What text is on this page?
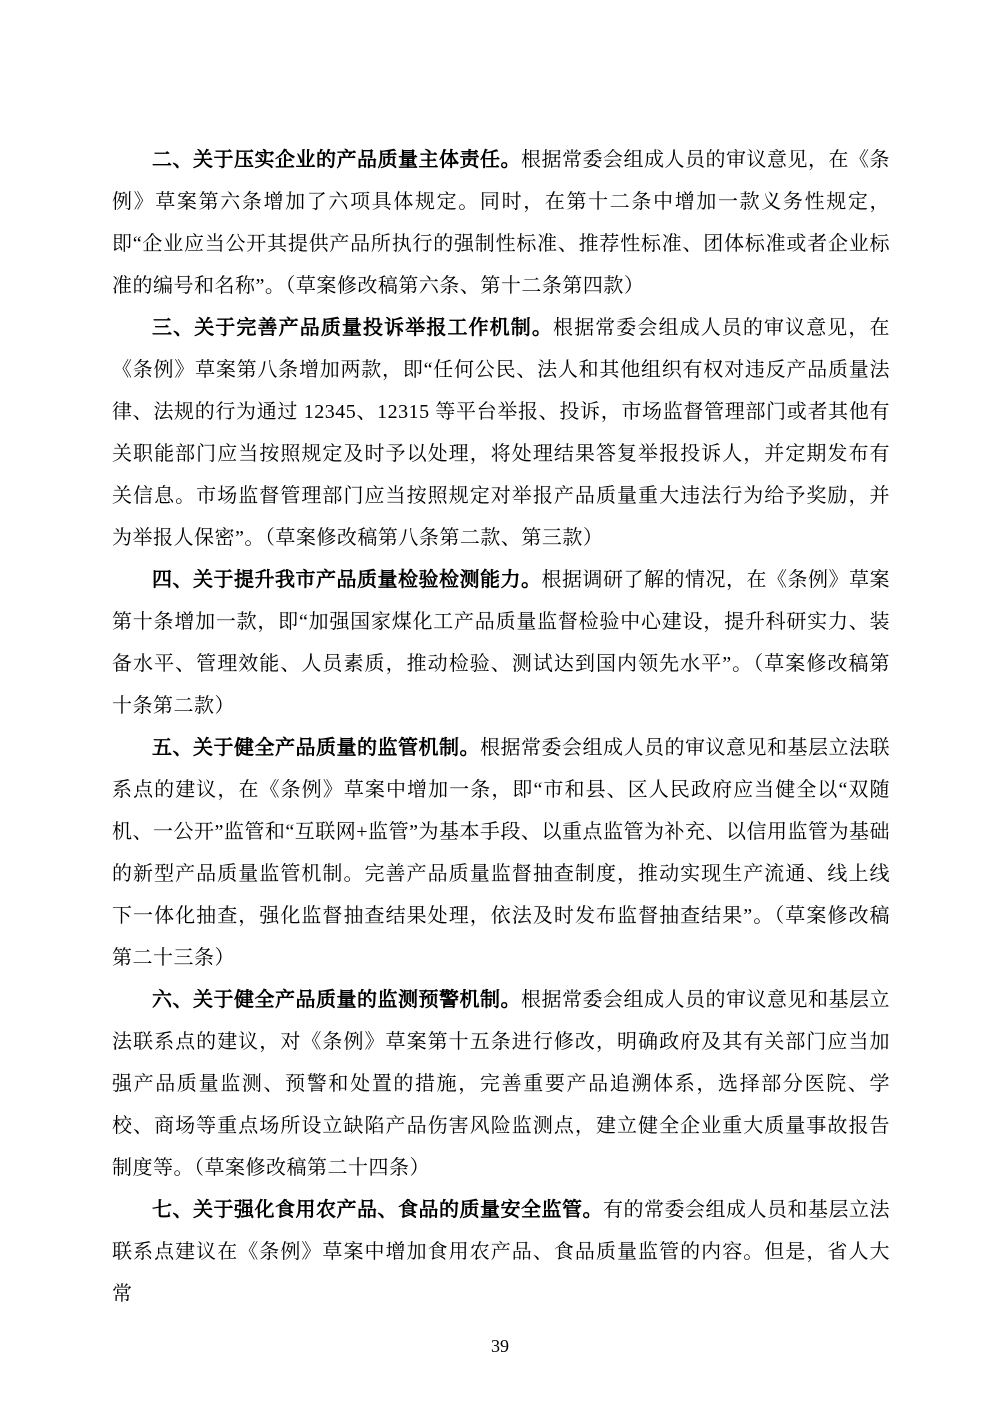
二、关于压实企业的产品质量主体责任。根据常委会组成人员的审议意见，在《条例》草案第六条增加了六项具体规定。同时，在第十二条中增加一款义务性规定，即“企业应当公开其提供产品所执行的强制性标准、推荐性标准、团体标准或者企业标准的编号和名称”。（草案修改稿第六条、第十二条第四款）

三、关于完善产品质量投诉举报工作机制。根据常委会组成人员的审议意见，在《条例》草案第八条增加两款，即“任何公民、法人和其他组织有权对违反产品质量法律、法规的行为通过 12345、12315 等平台举报、投诉，市场监督管理部门或者其他有关职能部门应当按照规定及时予以处理，将处理结果答复举报投诉人，并定期发布有关信息。市场监督管理部门应当按照规定对举报产品质量重大违法行为给予奖励，并为举报人保密”。（草案修改稿第八条第二款、第三款）

四、关于提升我市产品质量检验检测能力。根据调研了解的情况，在《条例》草案第十条增加一款，即“加强国家煤化工产品质量监督检验中心建设，提升科研实力、装备水平、管理效能、人员素质，推动检验、测试达到国内领先水平”。（草案修改稿第十条第二款）

五、关于健全产品质量的监管机制。根据常委会组成人员的审议意见和基层立法联系点的建议，在《条例》草案中增加一条，即“市和县、区人民政府应当健全以“双随机、一公开”监管和“互联网+监管”为基本手段、以重点监管为补充、以信用监管为基础的新型产品质量监管机制。完善产品质量监督抽查制度，推动实现生产流通、线上线下一体化抽查，强化监督抽查结果处理，依法及时发布监督抽查结果”。（草案修改稿第二十三条）

六、关于健全产品质量的监测预警机制。根据常委会组成人员的审议意见和基层立法联系点的建议，对《条例》草案第十五条进行修改，明确政府及其有关部门应当加强产品质量监测、预警和处置的措施，完善重要产品追溯体系，选择部分医院、学校、商场等重点场所设立缺陷产品伤害风险监测点，建立健全企业重大质量事故报告制度等。（草案修改稿第二十四条）

七、关于强化食用农产品、食品的质量安全监管。有的常委会组成人员和基层立法联系点建议在《条例》草案中增加食用农产品、食品质量监管的内容。但是，省人大常

39
